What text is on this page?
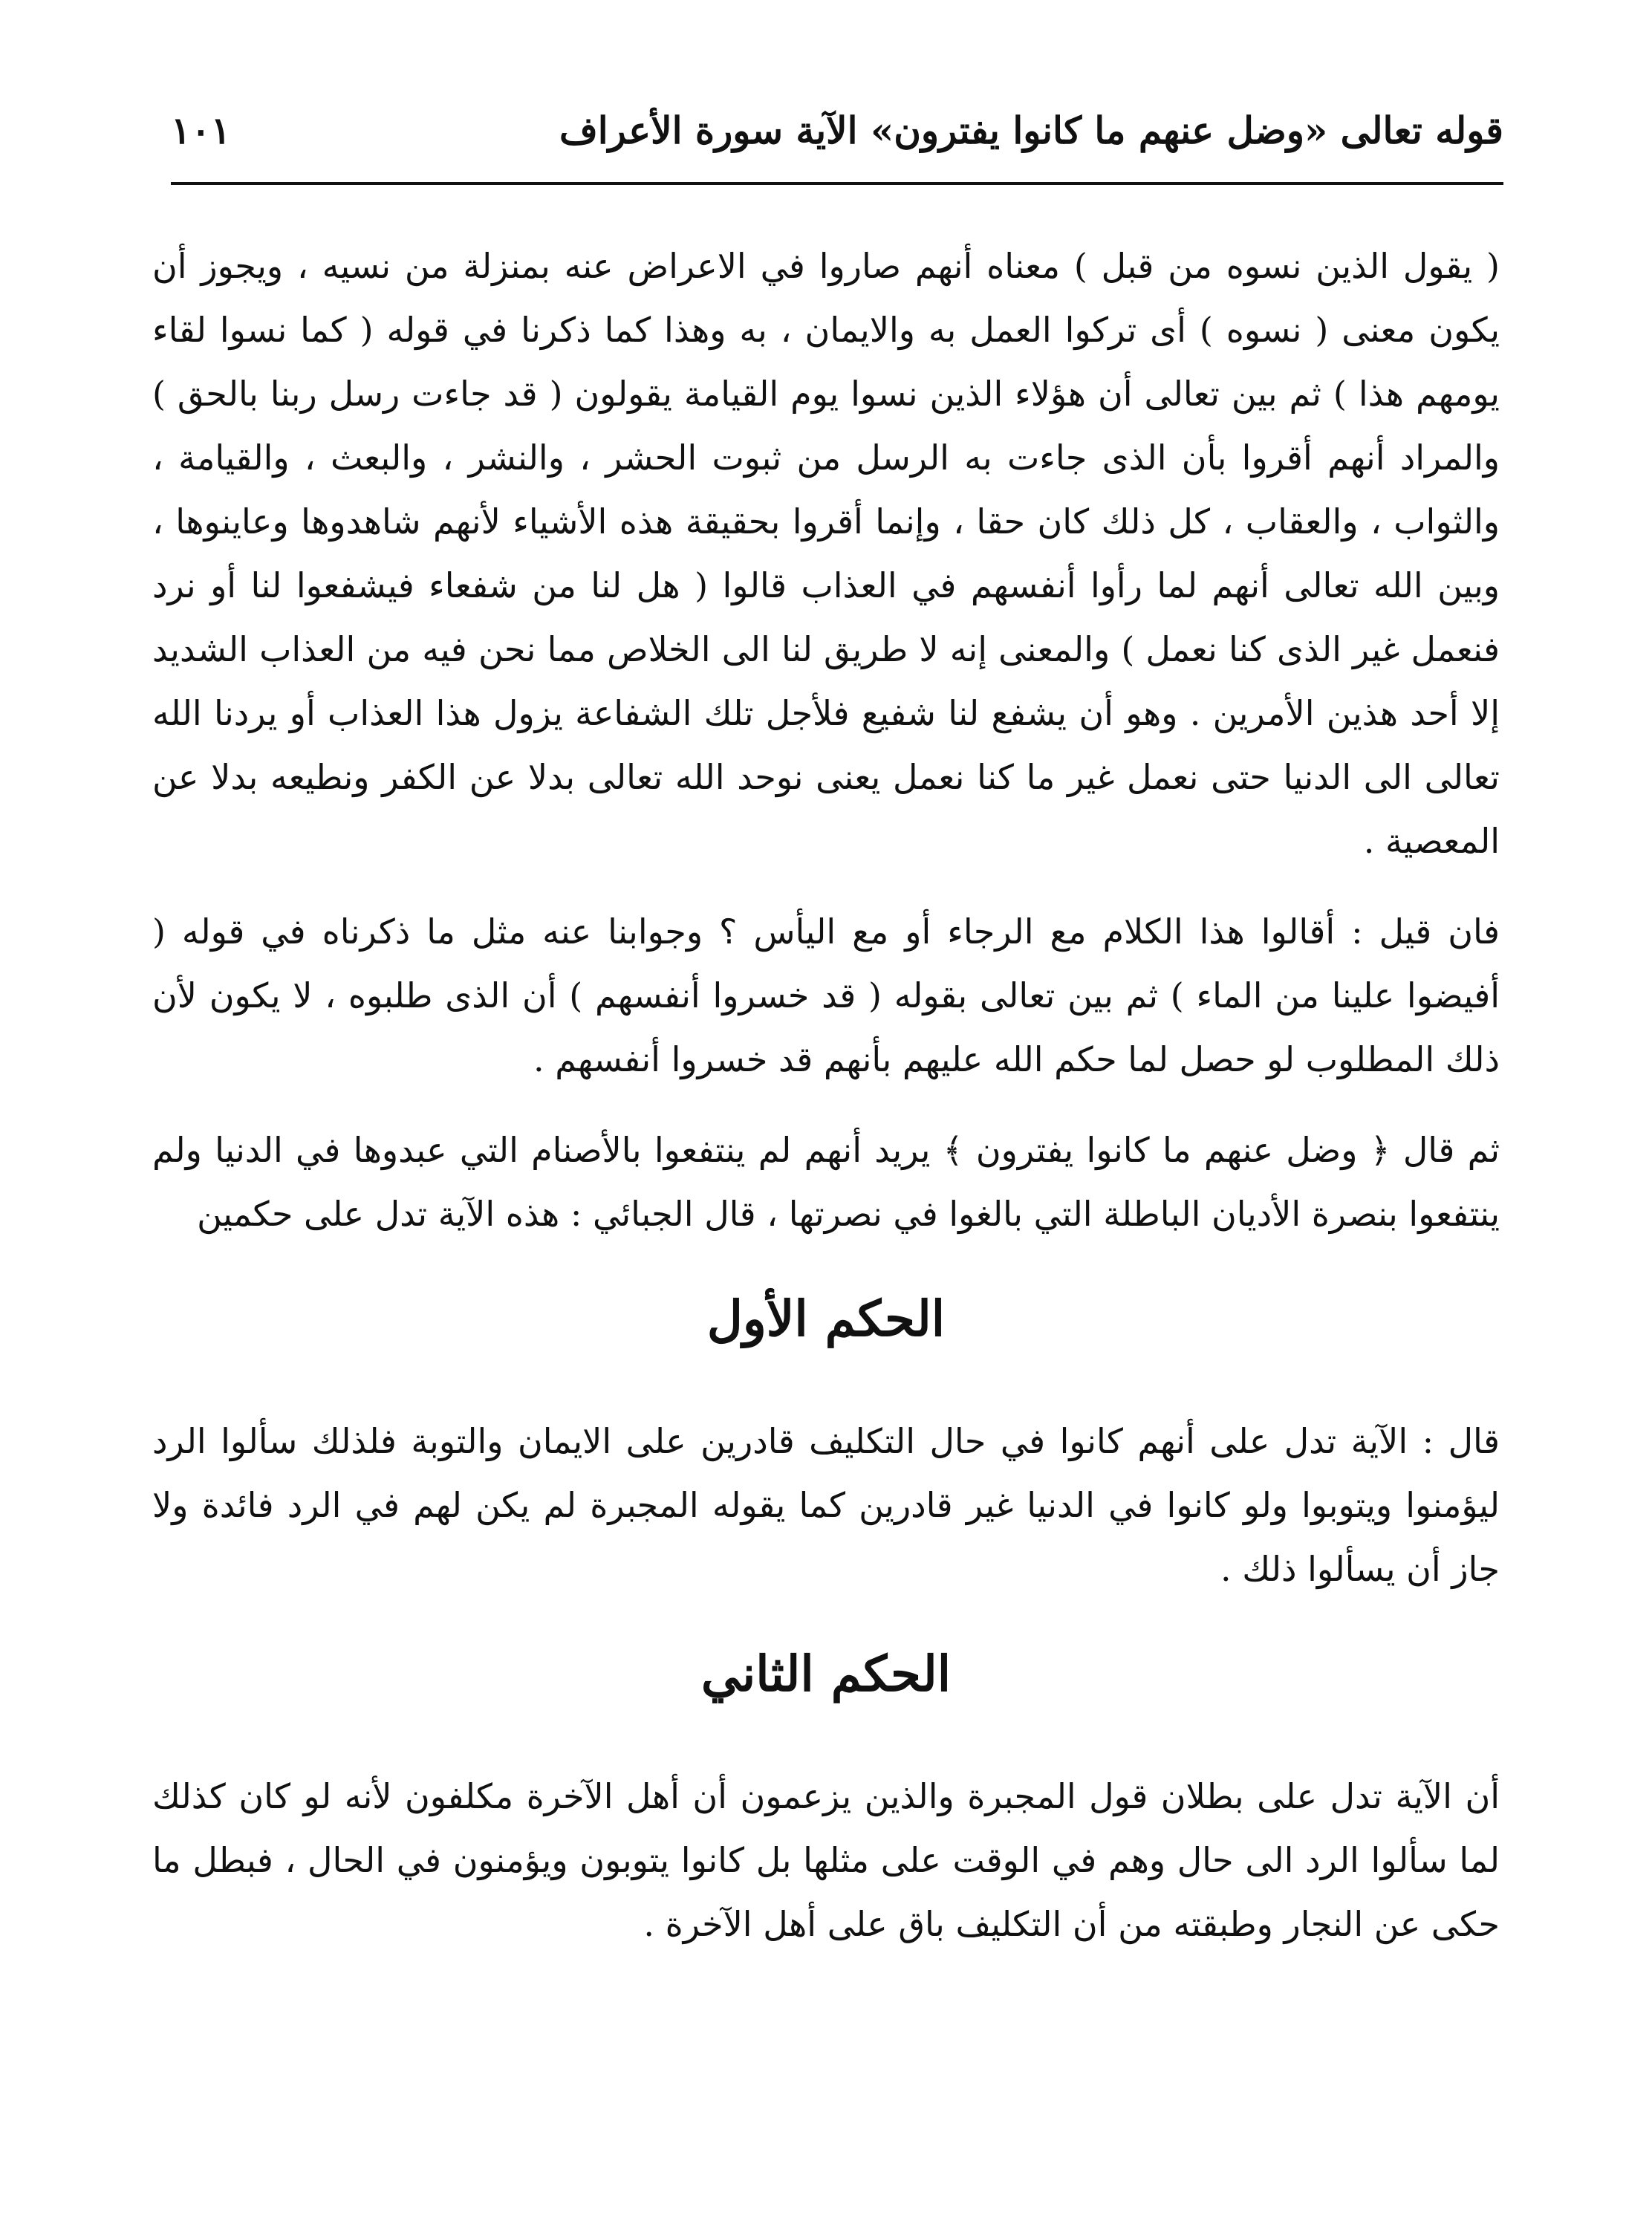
قوله تعالى «وضل عنهم ما كانوا يفترون» الآية سورة الأعراف
١٠١

( يقول الذين نسوه من قبل ) معناه أنهم صاروا في الاعراض عنه بمنزلة من نسيه ، ويجوز أن يكون معنى ( نسوه ) أى تركوا العمل به والايمان ، به وهذا كما ذكرنا في قوله ( كما نسوا لقاء يومهم هذا ) ثم بين تعالى أن هؤلاء الذين نسوا يوم القيامة يقولون ( قد جاءت رسل ربنا بالحق ) والمراد أنهم أقروا بأن الذى جاءت به الرسل من ثبوت الحشر ، والنشر ، والبعث ، والقيامة ، والثواب ، والعقاب ، كل ذلك كان حقا ، وإنما أقروا بحقيقة هذه الأشياء لأنهم شاهدوها وعاينوها ، وبين الله تعالى أنهم لما رأوا أنفسهم في العذاب قالوا ( هل لنا من شفعاء فيشفعوا لنا أو نرد فنعمل غير الذى كنا نعمل ) والمعنى إنه لا طريق لنا الى الخلاص مما نحن فيه من العذاب الشديد إلا أحد هذين الأمرين . وهو أن يشفع لنا شفيع فلأجل تلك الشفاعة يزول هذا العذاب أو يردنا الله تعالى الى الدنيا حتى نعمل غير ما كنا نعمل يعنى نوحد الله تعالى بدلا عن الكفر ونطيعه بدلا عن المعصية .

فان قيل : أقالوا هذا الكلام مع الرجاء أو مع اليأس ؟ وجوابنا عنه مثل ما ذكرناه في قوله ( أفيضوا علينا من الماء ) ثم بين تعالى بقوله ( قد خسروا أنفسهم ) أن الذى طلبوه ، لا يكون لأن ذلك المطلوب لو حصل لما حكم الله عليهم بأنهم قد خسروا أنفسهم .

ثم قال ﴿ وضل عنهم ما كانوا يفترون ﴾ يريد أنهم لم ينتفعوا بالأصنام التي عبدوها في الدنيا ولم ينتفعوا بنصرة الأديان الباطلة التي بالغوا في نصرتها ، قال الجبائي : هذه الآية تدل على حكمين

الحكم الأول

قال : الآية تدل على أنهم كانوا في حال التكليف قادرين على الايمان والتوبة فلذلك سألوا الرد ليؤمنوا ويتوبوا ولو كانوا في الدنيا غير قادرين كما يقوله المجبرة لم يكن لهم في الرد فائدة ولا جاز أن يسألوا ذلك .

الحكم الثاني

أن الآية تدل على بطلان قول المجبرة والذين يزعمون أن أهل الآخرة مكلفون لأنه لو كان كذلك لما سألوا الرد الى حال وهم في الوقت على مثلها بل كانوا يتوبون ويؤمنون في الحال ، فبطل ما حكى عن النجار وطبقته من أن التكليف باق على أهل الآخرة .
